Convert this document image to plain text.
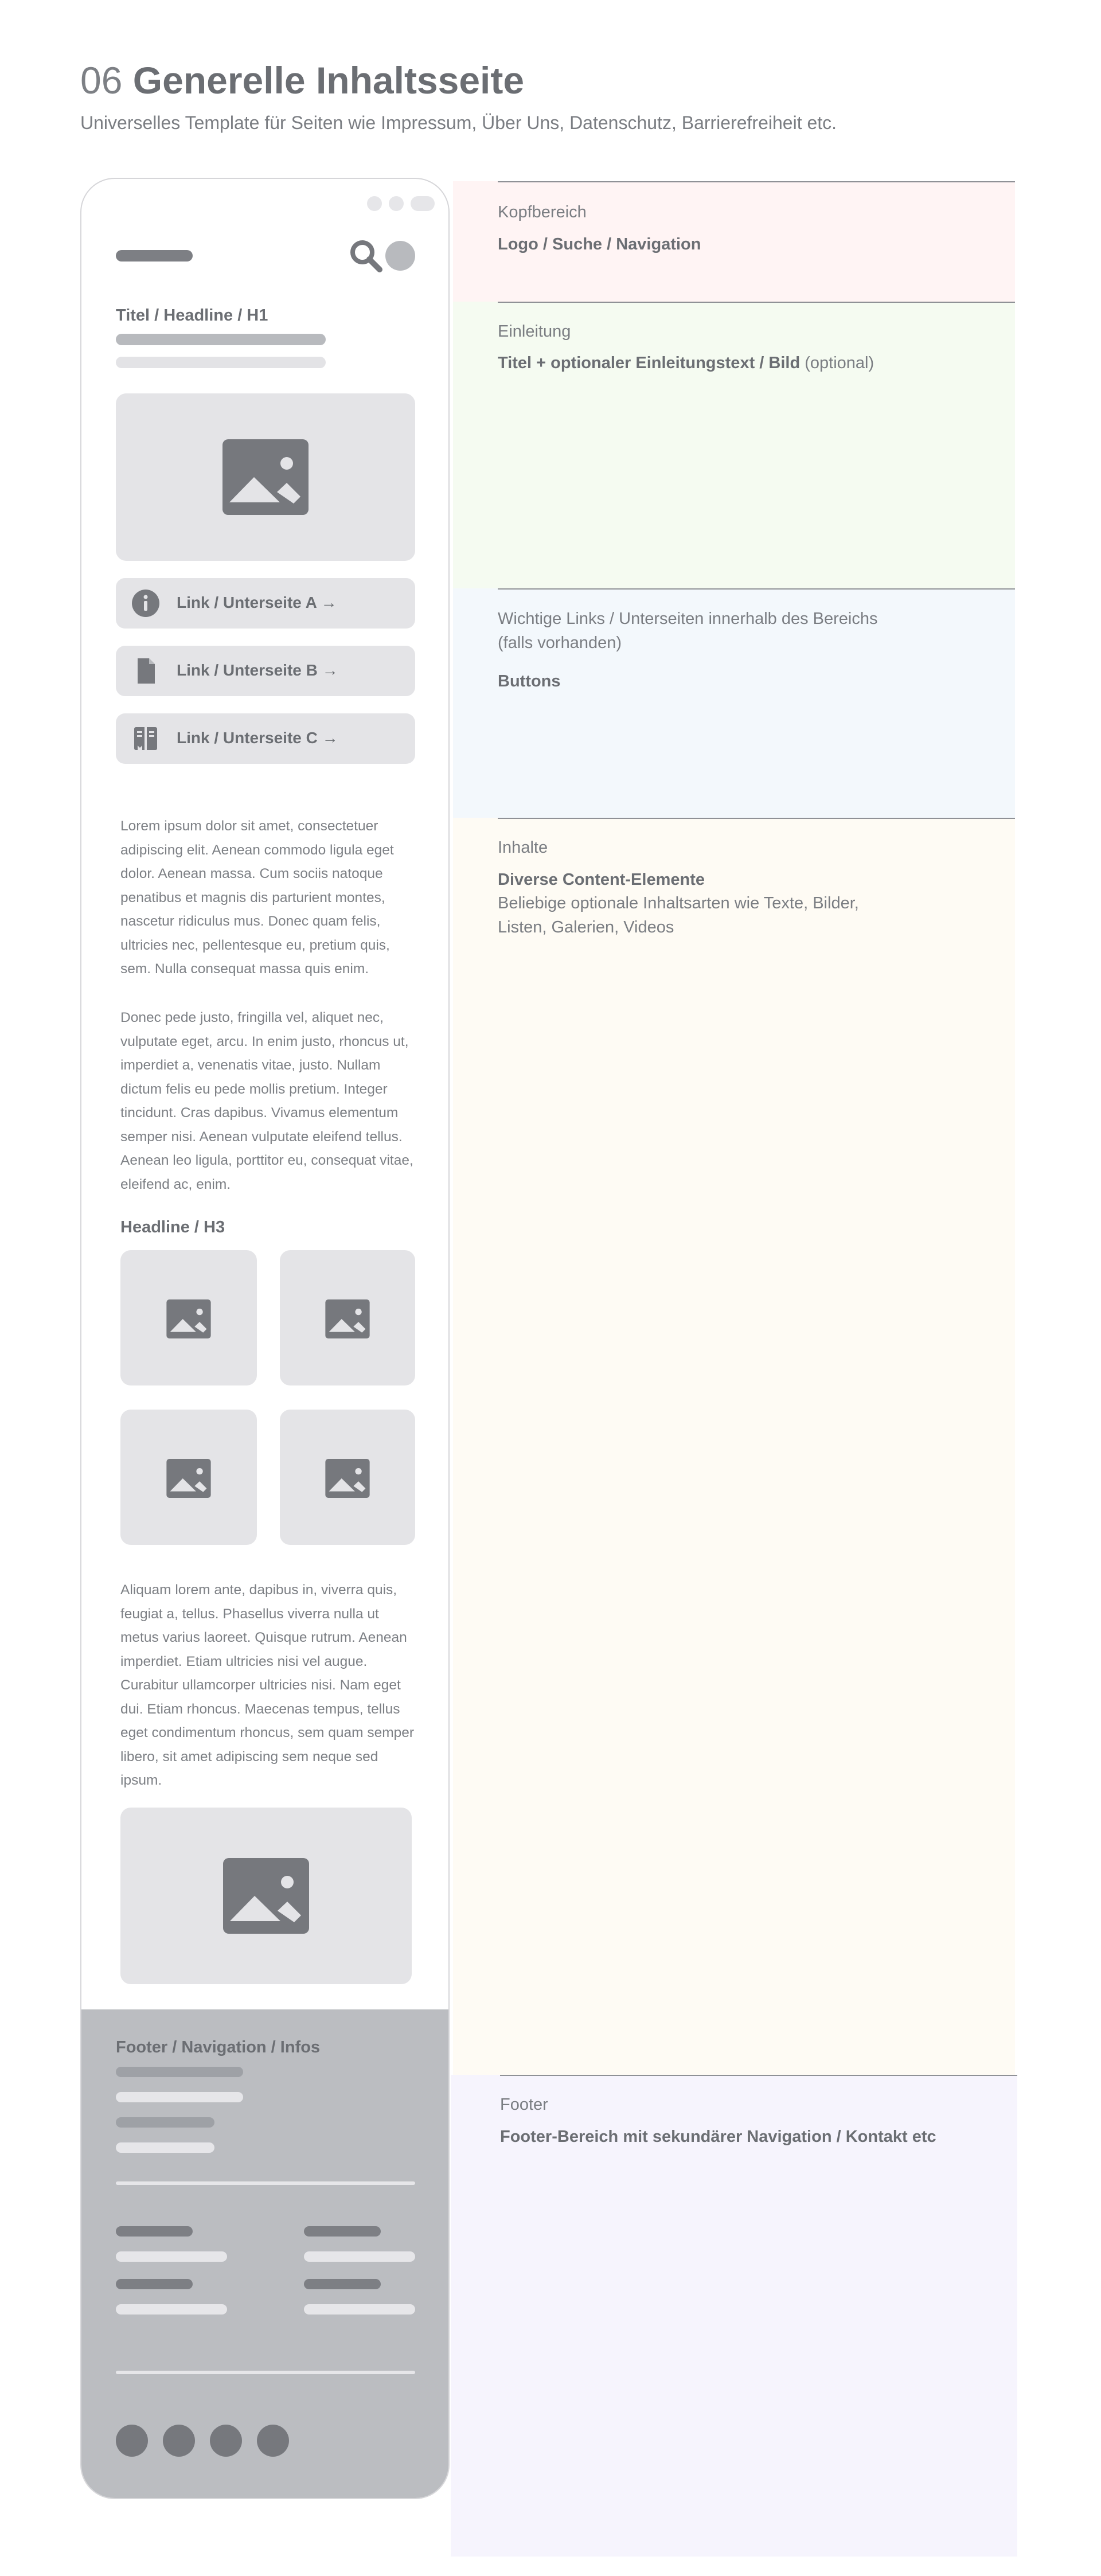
06 Generelle Inhaltsseite
Universelles Template für Seiten wie Impressum, Über Uns, Datenschutz, Barrierefreiheit etc.
Kopfbereich
Logo / Suche / Navigation
Einleitung
Titel + optionaler Einleitungstext / Bild (optional)
Wichtige Links / Unterseiten innerhalb des Bereichs
(falls vorhanden)
Buttons
Inhalte
Diverse Content-Elemente
Beliebige optionale Inhaltsarten wie Texte, Bilder,
Listen, Galerien, Videos
Footer
Footer-Bereich mit sekundärer Navigation / Kontakt etc
Titel / Headline / H1
Link / Unterseite A →
Link / Unterseite B →
Link / Unterseite C →
Lorem ipsum dolor sit amet, consectetuer adipiscing elit. Aenean commodo ligula eget dolor. Aenean massa. Cum sociis natoque penatibus et magnis dis parturient montes, nascetur ridiculus mus. Donec quam felis, ultricies nec, pellentesque eu, pretium quis, sem. Nulla consequat massa quis enim.
Donec pede justo, fringilla vel, aliquet nec, vulputate eget, arcu. In enim justo, rhoncus ut, imperdiet a, venenatis vitae, justo. Nullam dictum felis eu pede mollis pretium. Integer tincidunt. Cras dapibus. Vivamus elementum semper nisi. Aenean vulputate eleifend tellus. Aenean leo ligula, porttitor eu, consequat vitae, eleifend ac, enim.
Headline / H3
Aliquam lorem ante, dapibus in, viverra quis, feugiat a, tellus. Phasellus viverra nulla ut metus varius laoreet. Quisque rutrum. Aenean imperdiet. Etiam ultricies nisi vel augue. Curabitur ullamcorper ultricies nisi. Nam eget dui. Etiam rhoncus. Maecenas tempus, tellus eget condimentum rhoncus, sem quam semper libero, sit amet adipiscing sem neque sed ipsum.
Footer / Navigation / Infos
